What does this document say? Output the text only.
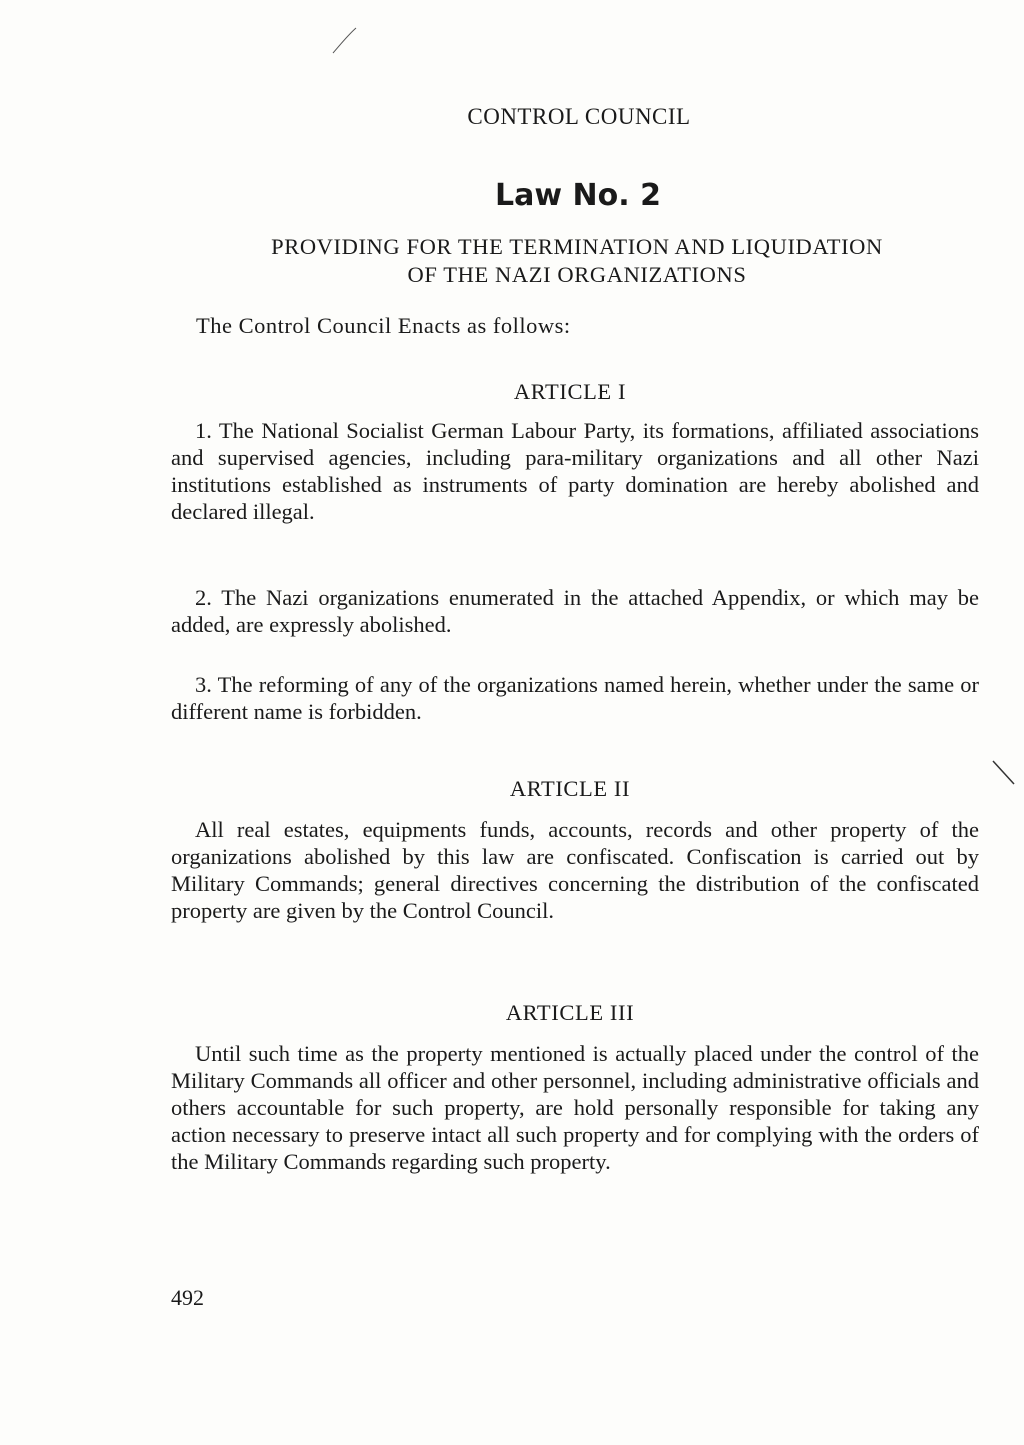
CONTROL COUNCIL
Law No. 2
PROVIDING FOR THE TERMINATION AND LIQUIDATION
OF THE NAZI ORGANIZATIONS
The Control Council Enacts as follows:
ARTICLE I
1. The National Socialist German Labour Party, its formations, affiliated associations and supervised agencies, including para-military organizations and all other Nazi institutions established as instruments of party domination are hereby abolished and declared illegal.
2. The Nazi organizations enumerated in the attached Appendix, or which may be added, are expressly abolished.
3. The reforming of any of the organizations named herein, whether under the same or different name is forbidden.
ARTICLE II
All real estates, equipments funds, accounts, records and other property of the organizations abolished by this law are confiscated. Confiscation is carried out by Military Commands; general directives concerning the distribution of the confiscated property are given by the Control Council.
ARTICLE III
Until such time as the property mentioned is actually placed under the control of the Military Commands all officer and other personnel, including administrative officials and others accountable for such property, are hold personally responsible for taking any action necessary to preserve intact all such property and for complying with the orders of the Military Commands regarding such property.
492
